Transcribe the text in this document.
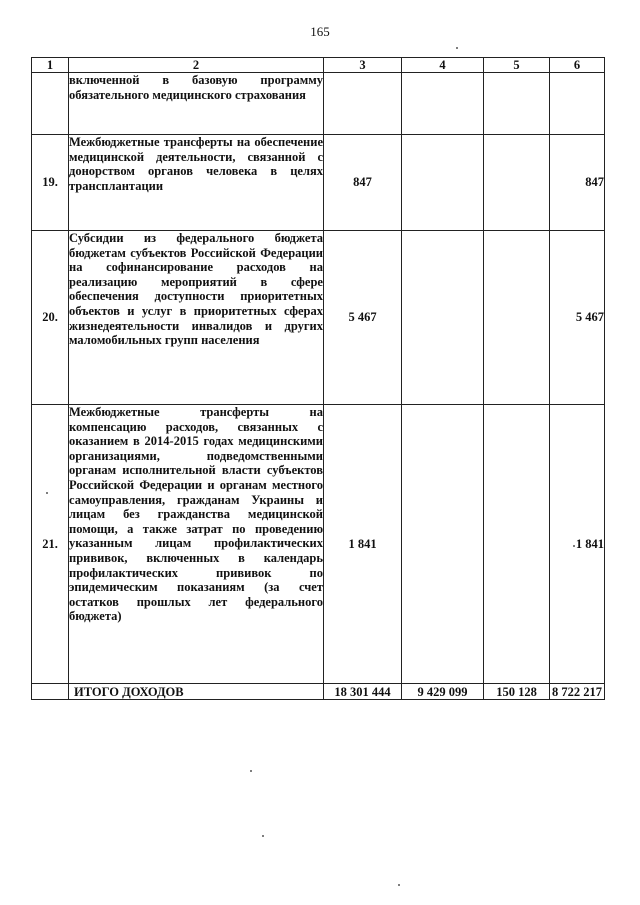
165
1	2	3	4	5	6
	включенной в базовую программу обязательного медицинского страхования				
19.	Межбюджетные трансферты на обеспечение медицинской деятельности, связанной с донорством органов человека в целях трансплантации	847			847
20.	Субсидии из федерального бюджета бюджетам субъектов Российской Федерации на софинансирование расходов на реализацию мероприятий в сфере обеспечения доступности приоритетных объектов и услуг в приоритетных сферах жизнедеятельности инвалидов и других маломобильных групп населения	5 467			5 467
21.	Межбюджетные трансферты на компенсацию расходов, связанных с оказанием в 2014-2015 годах медицинскими организациями, подведомственными органам исполнительной власти субъектов Российской Федерации и органам местного самоуправления, гражданам Украины и лицам без гражданства медицинской помощи, а также затрат по проведению указанным лицам профилактических прививок, включенных в календарь профилактических прививок по эпидемическим показаниям (за счет остатков прошлых лет федерального бюджета)	1 841			1 841
	ИТОГО ДОХОДОВ	18 301 444	9 429 099	150 128	8 722 217
